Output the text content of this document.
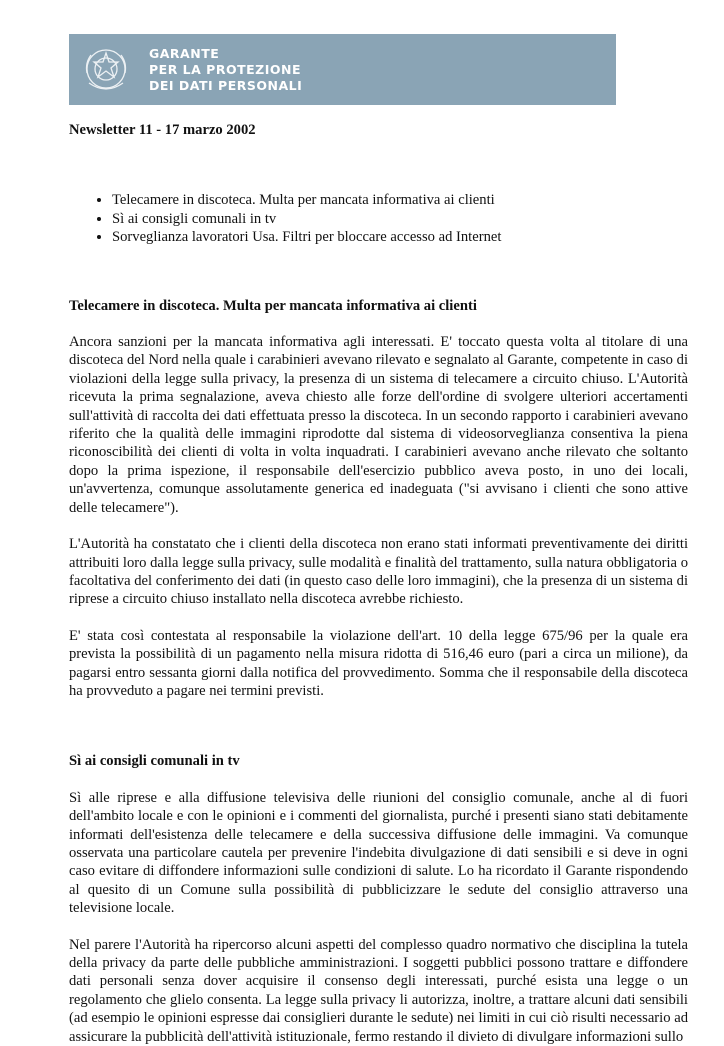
GARANTE
PER LA PROTEZIONE
DEI DATI PERSONALI

Newsletter 11 - 17 marzo 2002

• Telecamere in discoteca. Multa per mancata informativa ai clienti
• Sì ai consigli comunali in tv
• Sorveglianza lavoratori Usa. Filtri per bloccare accesso ad Internet

Telecamere in discoteca. Multa per mancata informativa ai clienti

Ancora sanzioni per la mancata informativa agli interessati. E' toccato questa volta al titolare di una discoteca del Nord nella quale i carabinieri avevano rilevato e segnalato al Garante, competente in caso di violazioni della legge sulla privacy, la presenza di un sistema di telecamere a circuito chiuso. L'Autorità ricevuta la prima segnalazione, aveva chiesto alle forze dell'ordine di svolgere ulteriori accertamenti sull'attività di raccolta dei dati effettuata presso la discoteca. In un secondo rapporto i carabinieri avevano riferito che la qualità delle immagini riprodotte dal sistema di videosorveglianza consentiva la piena riconoscibilità dei clienti di volta in volta inquadrati. I carabinieri avevano anche rilevato che soltanto dopo la prima ispezione, il responsabile dell'esercizio pubblico aveva posto, in uno dei locali, un'avvertenza, comunque assolutamente generica ed inadeguata ("si avvisano i clienti che sono attive delle telecamere").

L'Autorità ha constatato che i clienti della discoteca non erano stati informati preventivamente dei diritti attribuiti loro dalla legge sulla privacy, sulle modalità e finalità del trattamento, sulla natura obbligatoria o facoltativa del conferimento dei dati (in questo caso delle loro immagini), che la presenza di un sistema di riprese a circuito chiuso installato nella discoteca avrebbe richiesto.

E' stata così contestata al responsabile la violazione dell'art. 10 della legge 675/96 per la quale era prevista la possibilità di un pagamento nella misura ridotta di 516,46 euro (pari a circa un milione), da pagarsi entro sessanta giorni dalla notifica del provvedimento. Somma che il responsabile della discoteca ha provveduto a pagare nei termini previsti.

Sì ai consigli comunali in tv

Sì alle riprese e alla diffusione televisiva delle riunioni del consiglio comunale, anche al di fuori dell'ambito locale e con le opinioni e i commenti del giornalista, purché i presenti siano stati debitamente informati dell'esistenza delle telecamere e della successiva diffusione delle immagini. Va comunque osservata una particolare cautela per prevenire l'indebita divulgazione di dati sensibili e si deve in ogni caso evitare di diffondere informazioni sulle condizioni di salute. Lo ha ricordato il Garante rispondendo al quesito di un Comune sulla possibilità di pubblicizzare le sedute del consiglio attraverso una televisione locale.

Nel parere l'Autorità ha ripercorso alcuni aspetti del complesso quadro normativo che disciplina la tutela della privacy da parte delle pubbliche amministrazioni. I soggetti pubblici possono trattare e diffondere dati personali senza dover acquisire il consenso degli interessati, purché esista una legge o un regolamento che glielo consenta. La legge sulla privacy li autorizza, inoltre, a trattare alcuni dati sensibili (ad esempio le opinioni espresse dai consiglieri durante le sedute) nei limiti in cui ciò risulti necessario ad assicurare la pubblicità dell'attività istituzionale, fermo restando il divieto di divulgare informazioni sullo
